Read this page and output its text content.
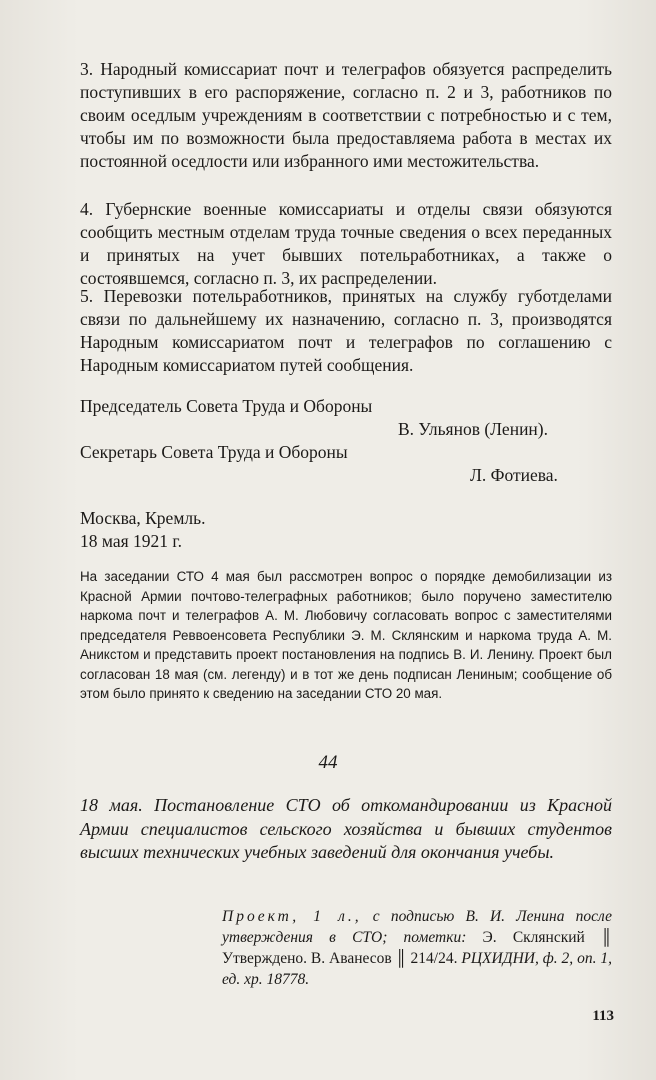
3. Народный комиссариат почт и телеграфов обязуется распределить поступивших в его распоряжение, согласно п. 2 и 3, работников по своим оседлым учреждениям в соответствии с потребностью и с тем, чтобы им по возможности была предоставляема работа в местах их постоянной оседлости или избранного ими местожительства.

4. Губернские военные комиссариаты и отделы связи обязуются сообщить местным отделам труда точные сведения о всех переданных и принятых на учет бывших потельработниках, а также о состоявшемся, согласно п. 3, их распределении.

5. Перевозки потельработников, принятых на службу губотделами связи по дальнейшему их назначению, согласно п. 3, производятся Народным комиссариатом почт и телеграфов по соглашению с Народным комиссариатом путей сообщения.

Председатель Совета Труда и Обороны
В. Ульянов (Ленин).
Секретарь Совета Труда и Обороны
Л. Фотиева.
Москва, Кремль.
18 мая 1921 г.

На заседании СТО 4 мая был рассмотрен вопрос о порядке демобилизации из Красной Армии почтово-телеграфных работников; было поручено заместителю наркома почт и телеграфов А. М. Любовичу согласовать вопрос с заместителями председателя Реввоенсовета Республики Э. М. Склянским и наркома труда А. М. Аникстом и представить проект постановления на подпись В. И. Ленину. Проект был согласован 18 мая (см. легенду) и в тот же день подписан Лениным; сообщение об этом было принято к сведению на заседании СТО 20 мая.

44

18 мая. Постановление СТО об откомандировании из Красной Армии специалистов сельского хозяйства и бывших студентов высших технических учебных заведений для окончания учебы.

Проект, 1 л., с подписью В. И. Ленина после утверждения в СТО; пометки: Э. Склянский ║ Утверждено. В. Аванесов ║ 214/24. РЦХИДНИ, ф. 2, оп. 1, ед. хр. 18778.

113
